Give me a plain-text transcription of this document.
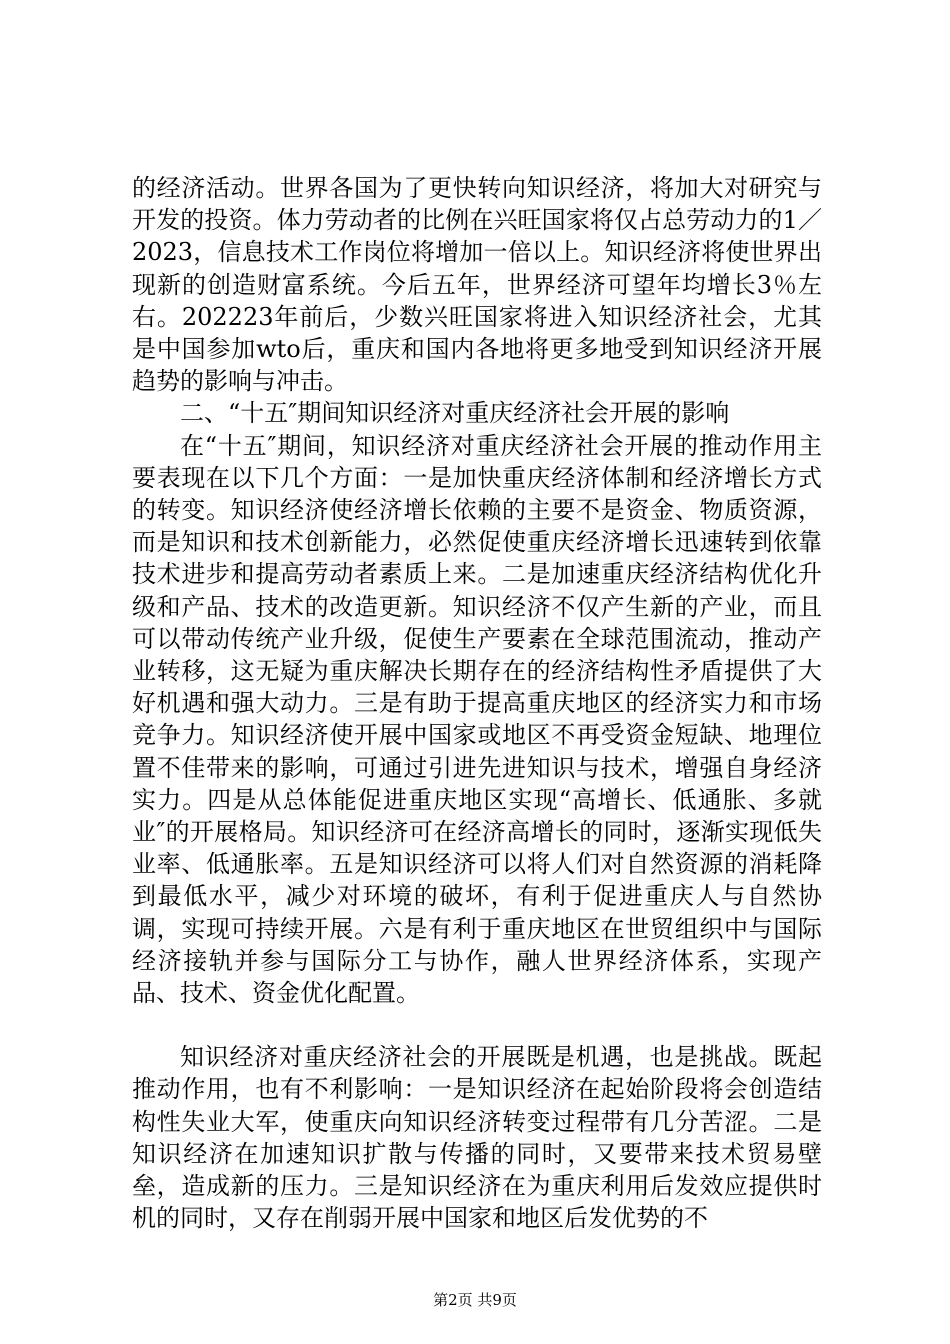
的经济活动。世界各国为了更快转向知识经济，将加大对研究与开发的投资。体力劳动者的比例在兴旺国家将仅占总劳动力的1／2023，信息技术工作岗位将增加一倍以上。知识经济将使世界出现新的创造财富系统。今后五年，世界经济可望年均增长3％左右。202223年前后，少数兴旺国家将进入知识经济社会，尤其是中国参加wto后，重庆和国内各地将更多地受到知识经济开展趋势的影响与冲击。

二、“十五″期间知识经济对重庆经济社会开展的影响

在“十五″期间，知识经济对重庆经济社会开展的推动作用主要表现在以下几个方面：一是加快重庆经济体制和经济增长方式的转变。知识经济使经济增长依赖的主要不是资金、物质资源，而是知识和技术创新能力，必然促使重庆经济增长迅速转到依靠技术进步和提高劳动者素质上来。二是加速重庆经济结构优化升级和产品、技术的改造更新。知识经济不仅产生新的产业，而且可以带动传统产业升级，促使生产要素在全球范围流动，推动产业转移，这无疑为重庆解决长期存在的经济结构性矛盾提供了大好机遇和强大动力。三是有助于提高重庆地区的经济实力和市场竞争力。知识经济使开展中国家或地区不再受资金短缺、地理位置不佳带来的影响，可通过引进先进知识与技术，增强自身经济实力。四是从总体能促进重庆地区实现“高增长、低通胀、多就业″的开展格局。知识经济可在经济高增长的同时，逐渐实现低失业率、低通胀率。五是知识经济可以将人们对自然资源的消耗降到最低水平，减少对环境的破坏，有利于促进重庆人与自然协调，实现可持续开展。六是有利于重庆地区在世贸组织中与国际经济接轨并参与国际分工与协作，融人世界经济体系，实现产品、技术、资金优化配置。

知识经济对重庆经济社会的开展既是机遇，也是挑战。既起推动作用，也有不利影响：一是知识经济在起始阶段将会创造结构性失业大军，使重庆向知识经济转变过程带有几分苦涩。二是知识经济在加速知识扩散与传播的同时，又要带来技术贸易壁垒，造成新的压力。三是知识经济在为重庆利用后发效应提供时机的同时，又存在削弱开展中国家和地区后发优势的不

第2页 共9页
